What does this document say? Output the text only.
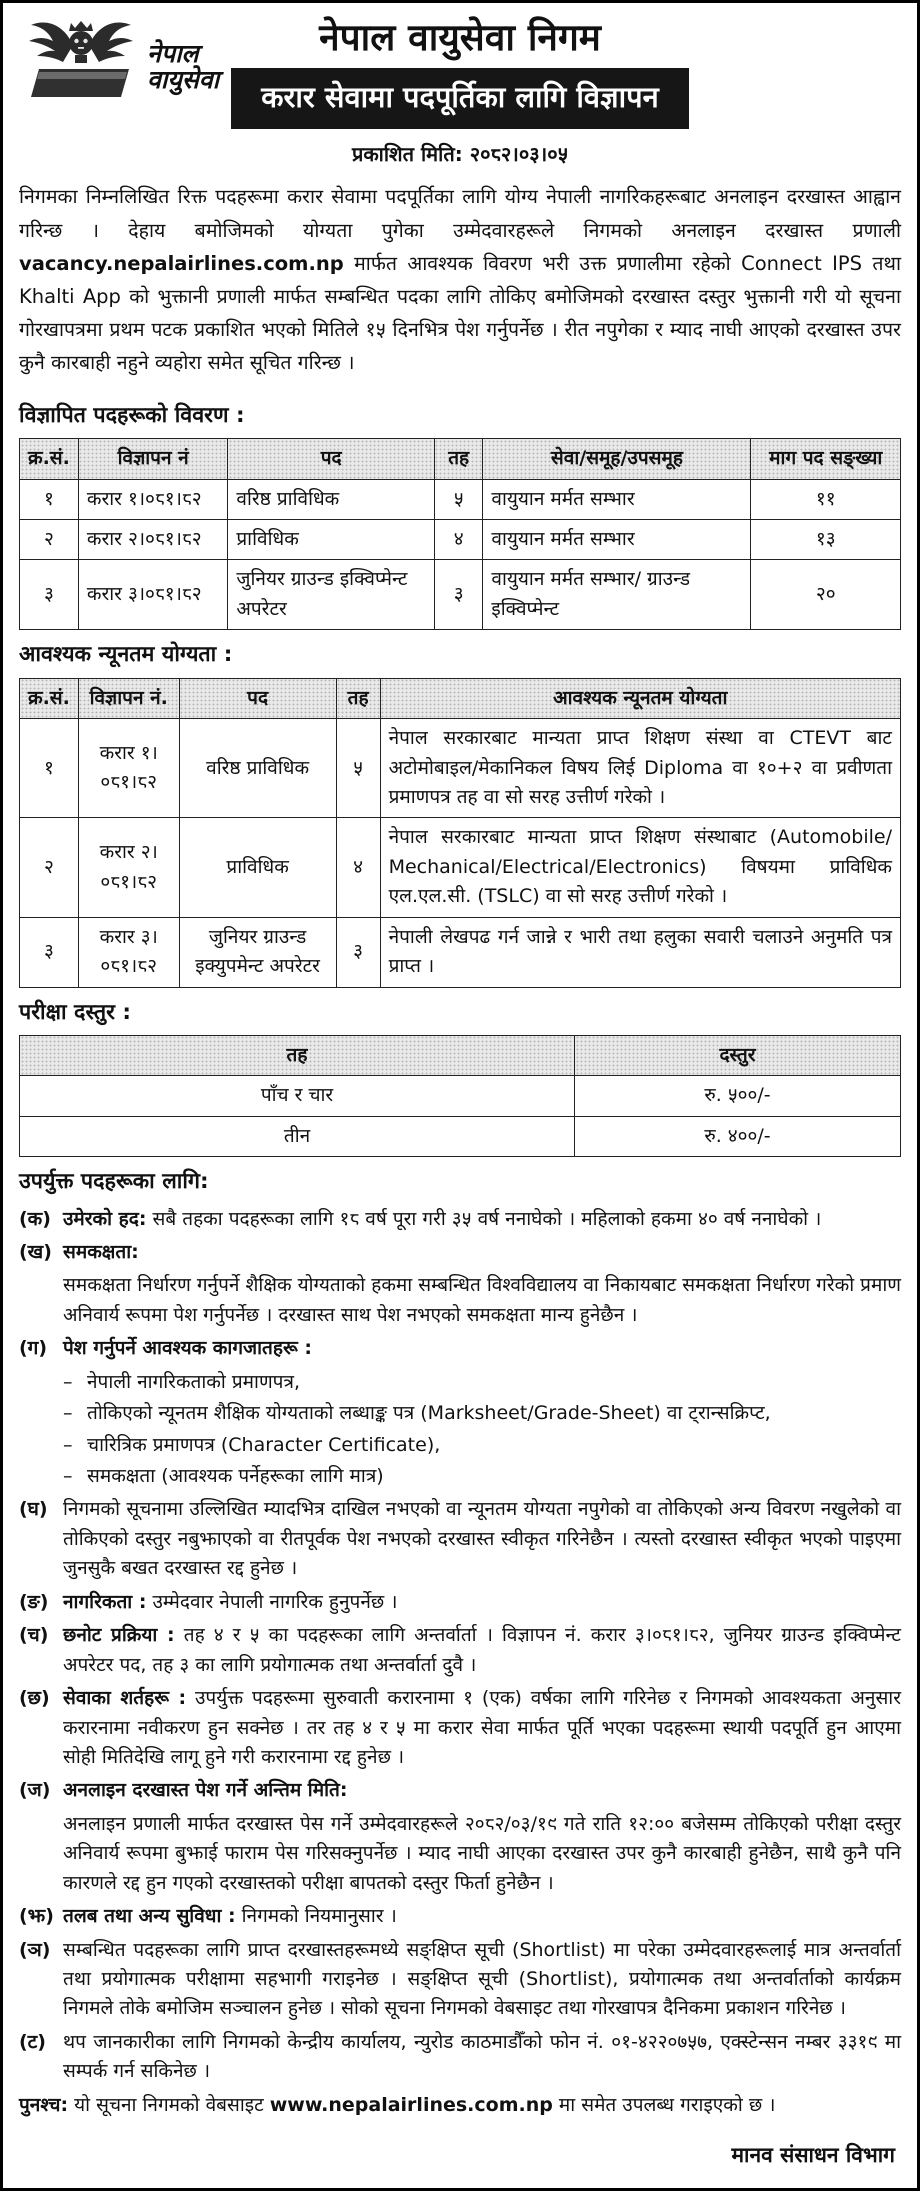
नेपाल
वायुसेवा
नेपाल वायुसेवा निगम
करार सेवामा पदपूर्तिका लागि विज्ञापन
प्रकाशित मिति: २०८२।०३।०५

निगमका निम्नलिखित रिक्त पदहरूमा करार सेवामा पदपूर्तिका लागि योग्य नेपाली नागरिकहरूबाट अनलाइन दरखास्त आह्वान गरिन्छ । देहाय बमोजिमको योग्यता पुगेका उम्मेदवारहरूले निगमको अनलाइन दरखास्त प्रणाली vacancy.nepalairlines.com.np मार्फत आवश्यक विवरण भरी उक्त प्रणालीमा रहेको Connect IPS तथा Khalti App को भुक्तानी प्रणाली मार्फत सम्बन्धित पदका लागि तोकिए बमोजिमको दरखास्त दस्तुर भुक्तानी गरी यो सूचना गोरखापत्रमा प्रथम पटक प्रकाशित भएको मितिले १५ दिनभित्र पेश गर्नुपर्नेछ । रीत नपुगेका र म्याद नाघी आएको दरखास्त उपर कुनै कारबाही नहुने व्यहोरा समेत सूचित गरिन्छ ।

विज्ञापित पदहरूको विवरण :
क्र.सं.	विज्ञापन नं	पद	तह	सेवा/समूह/उपसमूह	माग पद सङ्ख्या
१	करार १।०८१।८२	वरिष्ठ प्राविधिक	५	वायुयान मर्मत सम्भार	११
२	करार २।०८१।८२	प्राविधिक	४	वायुयान मर्मत सम्भार	१३
३	करार ३।०८१।८२	जुनियर ग्राउन्ड इक्विप्मेन्ट अपरेटर	३	वायुयान मर्मत सम्भार/ ग्राउन्ड इक्विप्मेन्ट	२०
आवश्यक न्यूनतम योग्यता :
क्र.सं.	विज्ञापन नं.	पद	तह	आवश्यक न्यूनतम योग्यता
१	करार १।०८१।८२	वरिष्ठ प्राविधिक	५	नेपाल सरकारबाट मान्यता प्राप्त शिक्षण संस्था वा CTEVT बाट अटोमोबाइल/मेकानिकल विषय लिई Diploma वा १०+२ वा प्रवीणता प्रमाणपत्र तह वा सो सरह उत्तीर्ण गरेको ।
२	करार २।०८१।८२	प्राविधिक	४	नेपाल सरकारबाट मान्यता प्राप्त शिक्षण संस्थाबाट (Automobile/ Mechanical/Electrical/Electronics) विषयमा प्राविधिक एल.एल.सी. (TSLC) वा सो सरह उत्तीर्ण गरेको ।
३	करार ३।०८१।८२	जुनियर ग्राउन्ड इक्युपमेन्ट अपरेटर	३	नेपाली लेखपढ गर्न जान्ने र भारी तथा हलुका सवारी चलाउने अनुमति पत्र प्राप्त ।
परीक्षा दस्तुर :
तह	दस्तुर
पाँच र चार	रु. ५००/-
तीन	रु. ४००/-
उपर्युक्त पदहरूका लागि:
(क) उमेरको हद: सबै तहका पदहरूका लागि १८ वर्ष पूरा गरी ३५ वर्ष ननाघेको । महिलाको हकमा ४० वर्ष ननाघेको ।
(ख) समकक्षता:
समकक्षता निर्धारण गर्नुपर्ने शैक्षिक योग्यताको हकमा सम्बन्धित विश्वविद्यालय वा निकायबाट समकक्षता निर्धारण गरेको प्रमाण अनिवार्य रूपमा पेश गर्नुपर्नेछ । दरखास्त साथ पेश नभएको समकक्षता मान्य हुनेछैन ।
(ग) पेश गर्नुपर्ने आवश्यक कागजातहरू :
– नेपाली नागरिकताको प्रमाणपत्र,
– तोकिएको न्यूनतम शैक्षिक योग्यताको लब्धाङ्क पत्र (Marksheet/Grade-Sheet) वा ट्रान्सक्रिप्ट,
– चारित्रिक प्रमाणपत्र (Character Certificate),
– समकक्षता (आवश्यक पर्नेहरूका लागि मात्र)
(घ) निगमको सूचनामा उल्लिखित म्यादभित्र दाखिल नभएको वा न्यूनतम योग्यता नपुगेको वा तोकिएको अन्य विवरण नखुलेको वा तोकिएको दस्तुर नबुझाएको वा रीतपूर्वक पेश नभएको दरखास्त स्वीकृत गरिनेछैन । त्यस्तो दरखास्त स्वीकृत भएको पाइएमा जुनसुकै बखत दरखास्त रद्द हुनेछ ।
(ङ) नागरिकता : उम्मेदवार नेपाली नागरिक हुनुपर्नेछ ।
(च) छनोट प्रक्रिया : तह ४ र ५ का पदहरूका लागि अन्तर्वार्ता । विज्ञापन नं. करार ३।०८१।८२, जुनियर ग्राउन्ड इक्विप्मेन्ट अपरेटर पद, तह ३ का लागि प्रयोगात्मक तथा अन्तर्वार्ता दुवै ।
(छ) सेवाका शर्तहरू : उपर्युक्त पदहरूमा सुरुवाती करारनामा १ (एक) वर्षका लागि गरिनेछ र निगमको आवश्यकता अनुसार करारनामा नवीकरण हुन सक्नेछ । तर तह ४ र ५ मा करार सेवा मार्फत पूर्ति भएका पदहरूमा स्थायी पदपूर्ति हुन आएमा सोही मितिदेखि लागू हुने गरी करारनामा रद्द हुनेछ ।
(ज) अनलाइन दरखास्त पेश गर्ने अन्तिम मिति:
अनलाइन प्रणाली मार्फत दरखास्त पेस गर्ने उम्मेदवारहरूले २०८२/०३/१९ गते राति १२:०० बजेसम्म तोकिएको परीक्षा दस्तुर अनिवार्य रूपमा बुझाई फाराम पेस गरिसक्नुपर्नेछ । म्याद नाघी आएका दरखास्त उपर कुनै कारबाही हुनेछैन, साथै कुनै पनि कारणले रद्द हुन गएको दरखास्तको परीक्षा बापतको दस्तुर फिर्ता हुनेछैन ।
(झ) तलब तथा अन्य सुविधा : निगमको नियमानुसार ।
(ञ) सम्बन्धित पदहरूका लागि प्राप्त दरखास्तहरूमध्ये सङ्क्षिप्त सूची (Shortlist) मा परेका उम्मेदवारहरूलाई मात्र अन्तर्वार्ता तथा प्रयोगात्मक परीक्षामा सहभागी गराइनेछ । सङ्क्षिप्त सूची (Shortlist), प्रयोगात्मक तथा अन्तर्वार्ताको कार्यक्रम निगमले तोके बमोजिम सञ्चालन हुनेछ । सोको सूचना निगमको वेबसाइट तथा गोरखापत्र दैनिकमा प्रकाशन गरिनेछ ।
(ट) थप जानकारीका लागि निगमको केन्द्रीय कार्यालय, न्युरोड काठमाडौँको फोन नं. ०१-४२२०७५७, एक्स्टेन्सन नम्बर ३३१९ मा सम्पर्क गर्न सकिनेछ ।

पुनश्च: यो सूचना निगमको वेबसाइट www.nepalairlines.com.np मा समेत उपलब्ध गराइएको छ ।

मानव संसाधन विभाग
